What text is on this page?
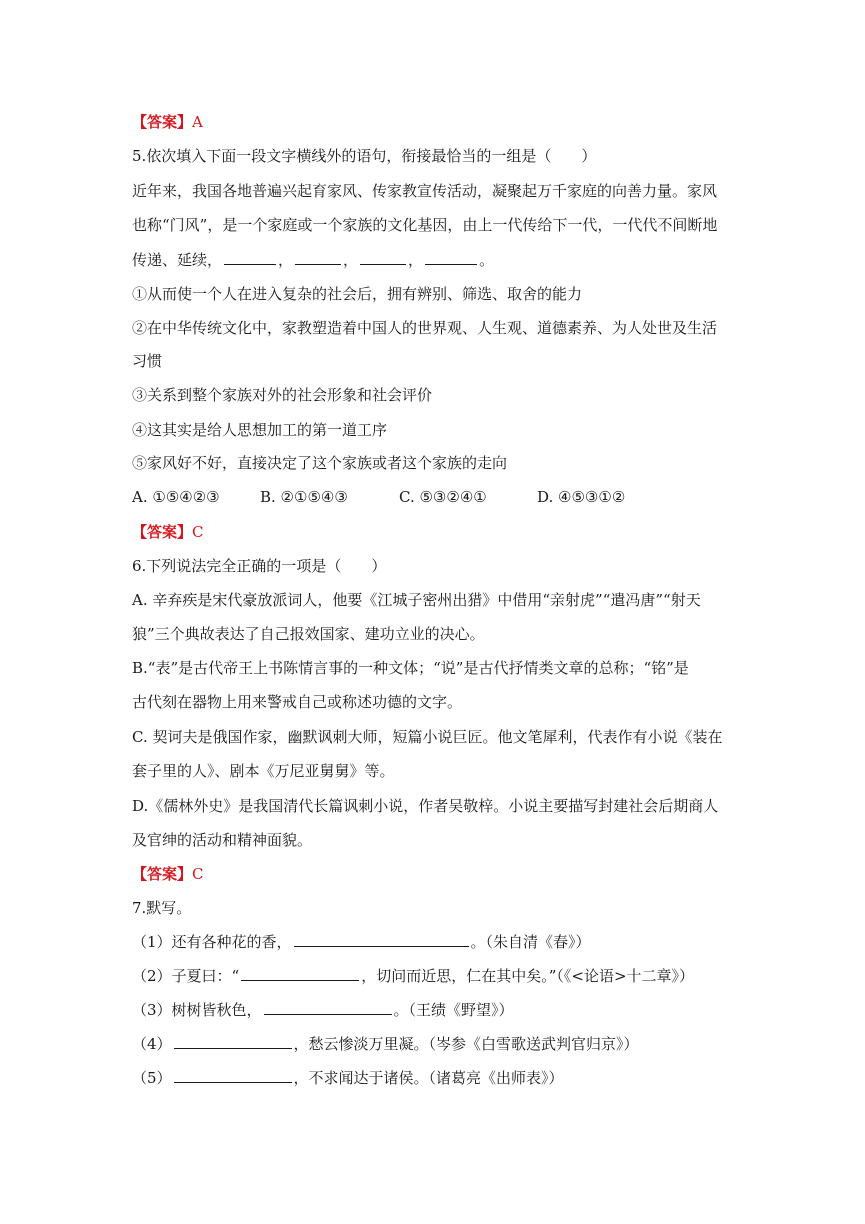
【答案】A
5.依次填入下面一段文字横线外的语句，衔接最恰当的一组是（　　）
近年来，我国各地普遍兴起育家风、传家教宣传活动，凝聚起万千家庭的向善力量。家风
也称“门风”，是一个家庭或一个家族的文化基因，由上一代传给下一代，一代代不间断地
传递、延续，	，	，	，	。
①从而使一个人在进入复杂的社会后，拥有辨别、筛选、取舍的能力
②在中华传统文化中，家教塑造着中国人的世界观、人生观、道德素养、为人处世及生活
习惯
③关系到整个家族对外的社会形象和社会评价
④这其实是给人思想加工的第一道工序
⑤家风好不好，直接决定了这个家族或者这个家族的走向
A. ①⑤④②③	B. ②①⑤④③	C. ⑤③②④①	D. ④⑤③①②
【答案】C
6.下列说法完全正确的一项是（　　）
A. 辛弃疾是宋代豪放派词人，他要《江城子密州出猎》中借用“亲射虎”“遣冯唐”“射天
狼”三个典故表达了自己报效国家、建功立业的决心。
B.“表”是古代帝王上书陈情言事的一种文体；“说”是古代抒情类文章的总称；“铭”是
古代刻在器物上用来警戒自己或称述功德的文字。
C. 契诃夫是俄国作家，幽默讽刺大师，短篇小说巨匠。他文笔犀利，代表作有小说《装在
套子里的人》、剧本《万尼亚舅舅》等。
D.《儒林外史》是我国清代长篇讽刺小说，作者吴敬梓。小说主要描写封建社会后期商人
及官绅的活动和精神面貌。
【答案】C
7.默写。
（1）还有各种花的香，	。（朱自清《春》）
（2）子夏曰：“	，切问而近思，仁在其中矣。”（《<论语>十二章》）
（3）树树皆秋色，	。（王绩《野望》）
（4）	，愁云惨淡万里凝。（岑参《白雪歌送武判官归京》）
（5）	，不求闻达于诸侯。（诸葛亮《出师表》）
